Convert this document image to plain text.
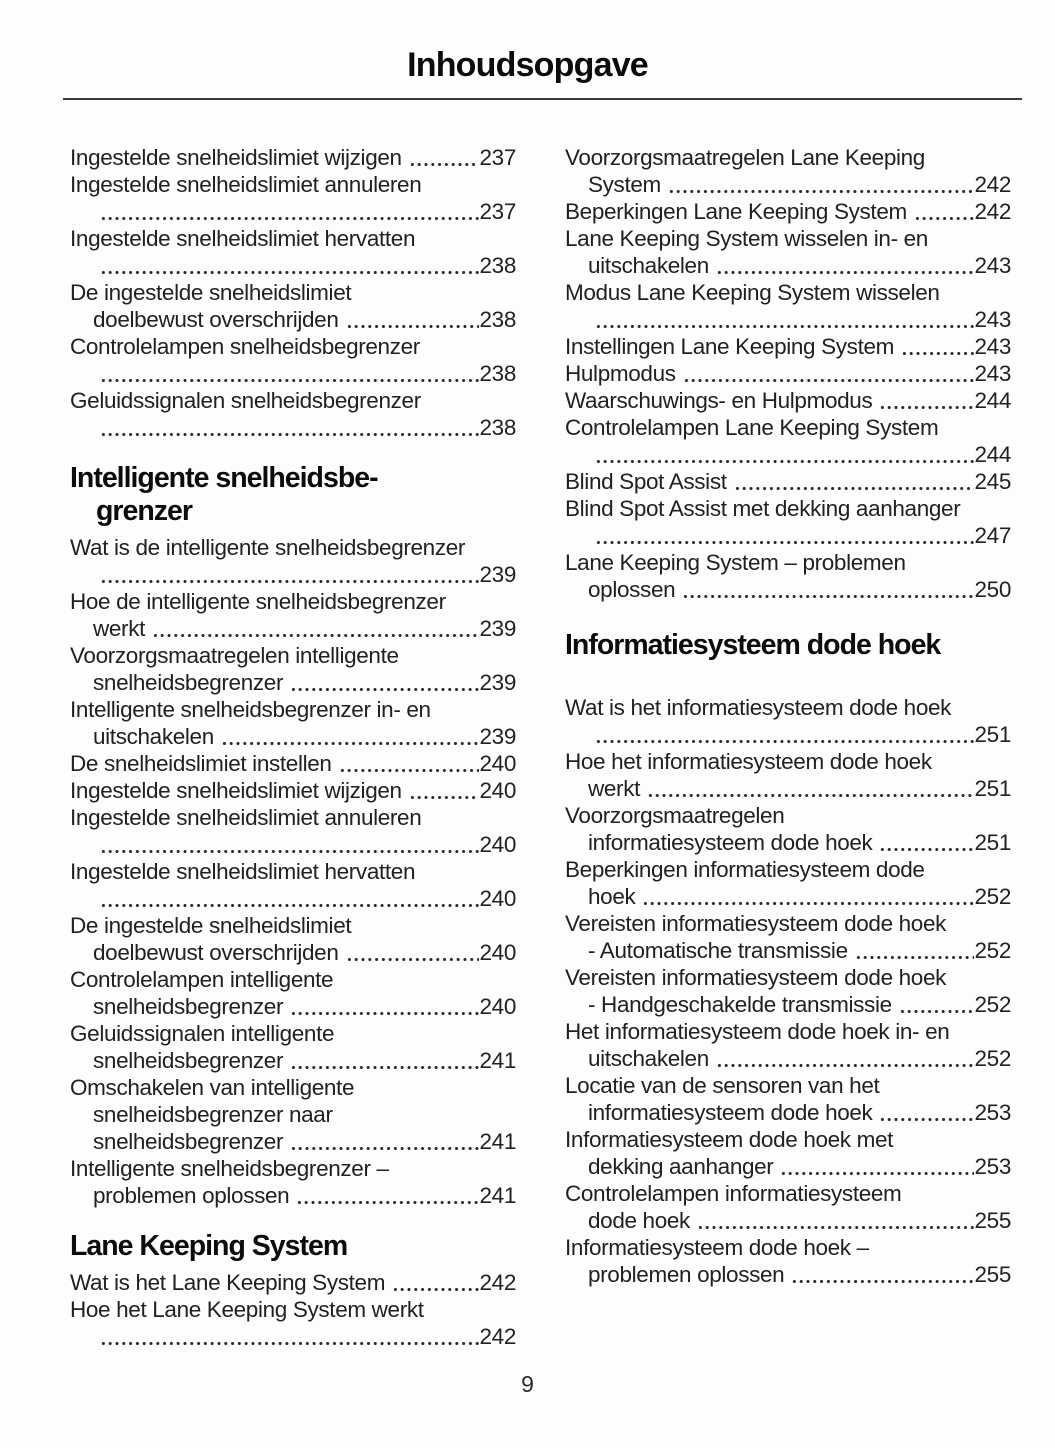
Inhoudsopgave
Ingestelde snelheidslimiet wijzigen	237
Ingestelde snelheidslimiet annuleren
237
Ingestelde snelheidslimiet hervatten
238
De ingestelde snelheidslimiet
doelbewust overschrijden	238
Controlelampen snelheidsbegrenzer
238
Geluidssignalen snelheidsbegrenzer
238
Intelligente snelheidsbe-
grenzer
Wat is de intelligente snelheidsbegrenzer
239
Hoe de intelligente snelheidsbegrenzer
werkt	239
Voorzorgsmaatregelen intelligente
snelheidsbegrenzer	239
Intelligente snelheidsbegrenzer in- en
uitschakelen	239
De snelheidslimiet instellen	240
Ingestelde snelheidslimiet wijzigen	240
Ingestelde snelheidslimiet annuleren
240
Ingestelde snelheidslimiet hervatten
240
De ingestelde snelheidslimiet
doelbewust overschrijden	240
Controlelampen intelligente
snelheidsbegrenzer	240
Geluidssignalen intelligente
snelheidsbegrenzer	241
Omschakelen van intelligente
snelheidsbegrenzer naar
snelheidsbegrenzer	241
Intelligente snelheidsbegrenzer –
problemen oplossen	241
Lane Keeping System
Wat is het Lane Keeping System	242
Hoe het Lane Keeping System werkt
242
Voorzorgsmaatregelen Lane Keeping
System	242
Beperkingen Lane Keeping System	242
Lane Keeping System wisselen in- en
uitschakelen	243
Modus Lane Keeping System wisselen
243
Instellingen Lane Keeping System	243
Hulpmodus	243
Waarschuwings- en Hulpmodus	244
Controlelampen Lane Keeping System
244
Blind Spot Assist	245
Blind Spot Assist met dekking aanhanger
247
Lane Keeping System – problemen
oplossen	250
Informatiesysteem dode hoek
Wat is het informatiesysteem dode hoek
251
Hoe het informatiesysteem dode hoek
werkt	251
Voorzorgsmaatregelen
informatiesysteem dode hoek	251
Beperkingen informatiesysteem dode
hoek	252
Vereisten informatiesysteem dode hoek
- Automatische transmissie	252
Vereisten informatiesysteem dode hoek
- Handgeschakelde transmissie	252
Het informatiesysteem dode hoek in- en
uitschakelen	252
Locatie van de sensoren van het
informatiesysteem dode hoek	253
Informatiesysteem dode hoek met
dekking aanhanger	253
Controlelampen informatiesysteem
dode hoek	255
Informatiesysteem dode hoek –
problemen oplossen	255
9
